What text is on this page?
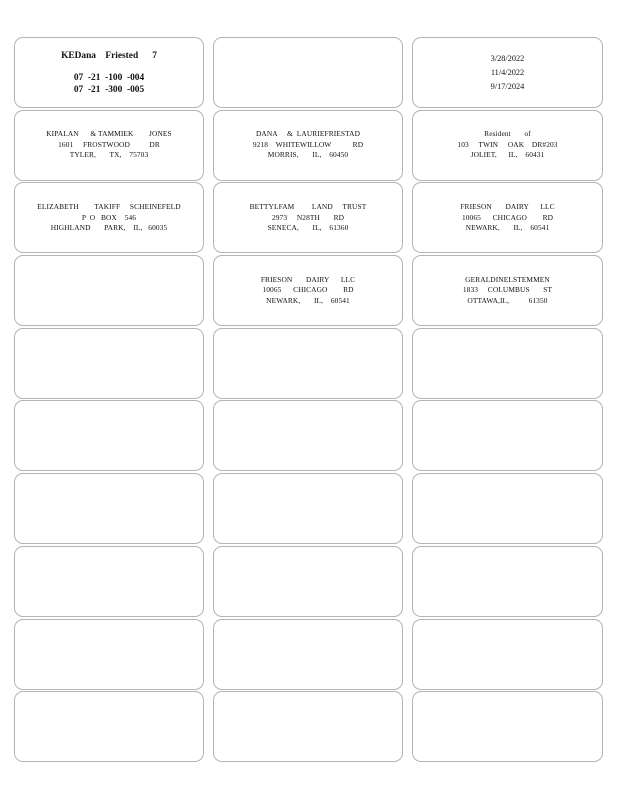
KEDana    Friested      7
07  -21  -100  -004
07  -21  -300  -005
3/28/2022
11/4/2022
9/17/2024
KIPALAN      & TAMMIEK        JONES
1601     FROSTWOOD          DR
TYLER,       TX,    75703
DANA     &  LAURIEFRIESTAD
9218    WHITEWILLOW           RD
MORRIS,       IL,    60450
Resident       of
103     TWIN     OAK    DR#203
JOLIET,      IL,    60431
ELIZABETH        TAKIFF     SCHEINEFELD
P  O   BOX    546
HIGHLAND       PARK,    IL,   60035
BETTYLFAM         LAND     TRUST
2973     N28TH       RD
SENECA,       IL,    61360
FRIESON       DAIRY      LLC
10065      CHICAGO        RD
NEWARK,       IL,    60541
FRIESON       DAIRY      LLC
10065      CHICAGO        RD
NEWARK,       IL,    60541
GERALDINELSTEMMEN
1833     COLUMBUS       ST
OTTAWA,IL,          61350
